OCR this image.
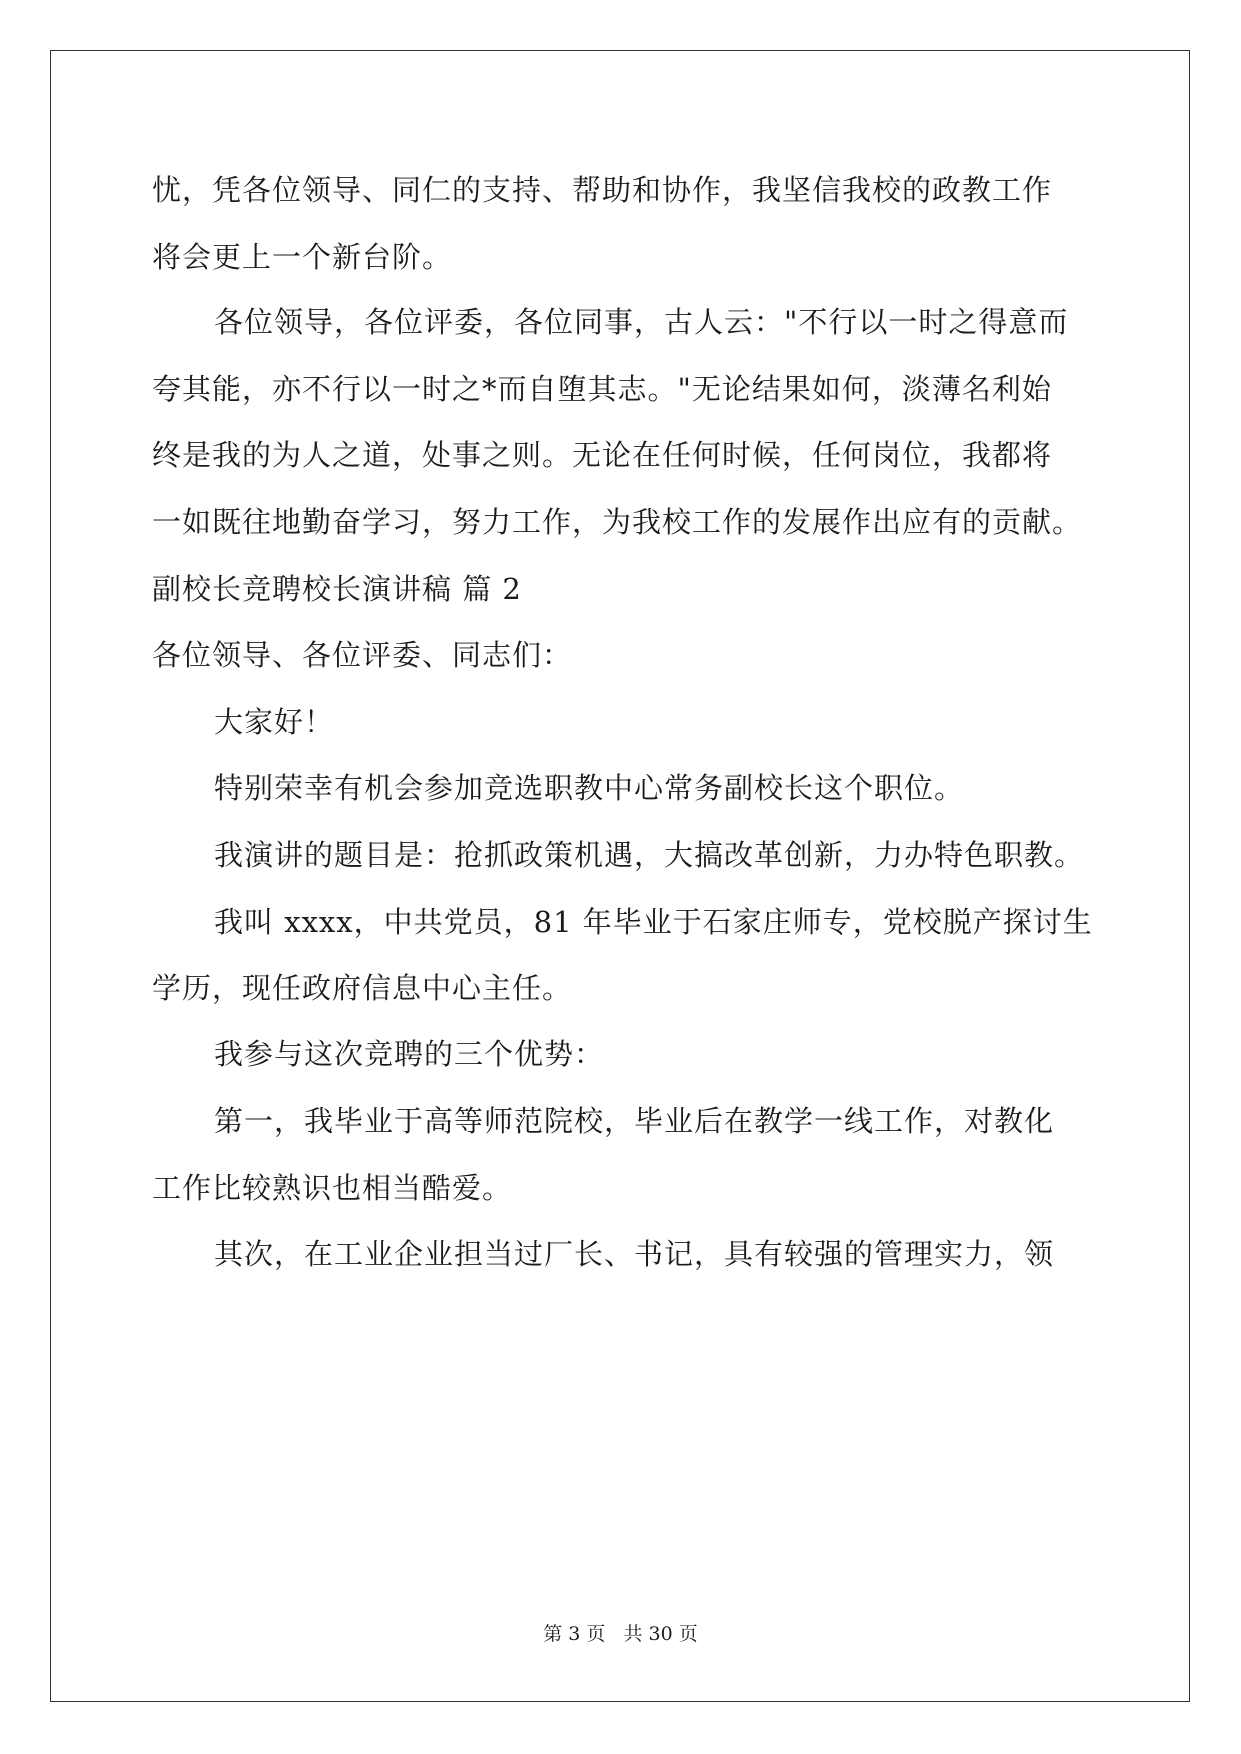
忧，凭各位领导、同仁的支持、帮助和协作，我坚信我校的政教工作
将会更上一个新台阶。
各位领导，各位评委，各位同事，古人云："不行以一时之得意而
夸其能，亦不行以一时之*而自堕其志。"无论结果如何，淡薄名利始
终是我的为人之道，处事之则。无论在任何时候，任何岗位，我都将
一如既往地勤奋学习，努力工作，为我校工作的发展作出应有的贡献。
副校长竞聘校长演讲稿 篇 2
各位领导、各位评委、同志们：
大家好！
特别荣幸有机会参加竞选职教中心常务副校长这个职位。
我演讲的题目是：抢抓政策机遇，大搞改革创新，力办特色职教。
我叫 xxxx，中共党员，81 年毕业于石家庄师专，党校脱产探讨生
学历，现任政府信息中心主任。
我参与这次竞聘的三个优势：
第一，我毕业于高等师范院校，毕业后在教学一线工作，对教化
工作比较熟识也相当酷爱。
其次，在工业企业担当过厂长、书记，具有较强的管理实力，领
第 3 页 共 30 页
